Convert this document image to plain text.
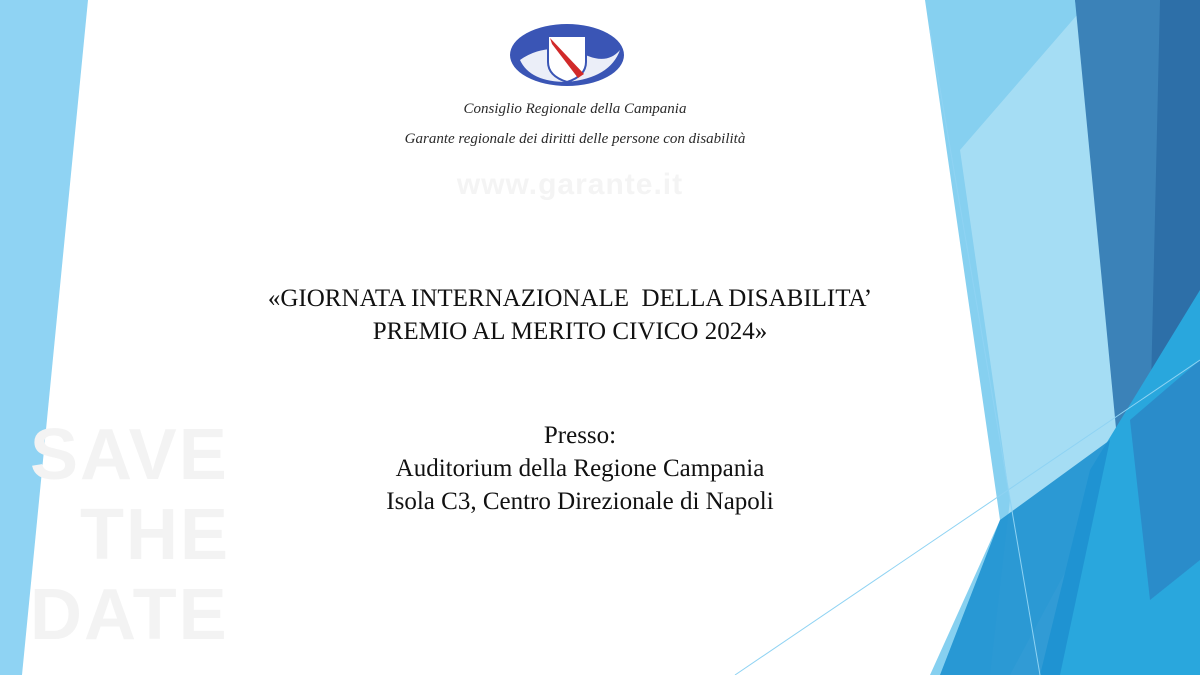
Consiglio Regionale della Campania
Garante regionale dei diritti delle persone con disabilità
www.garante.it
SAVE
THE
DATE
«GIORNATA INTERNAZIONALE  DELLA DISABILITA’
PREMIO AL MERITO CIVICO 2024»
Presso:
Auditorium della Regione Campania
Isola C3, Centro Direzionale di Napoli
